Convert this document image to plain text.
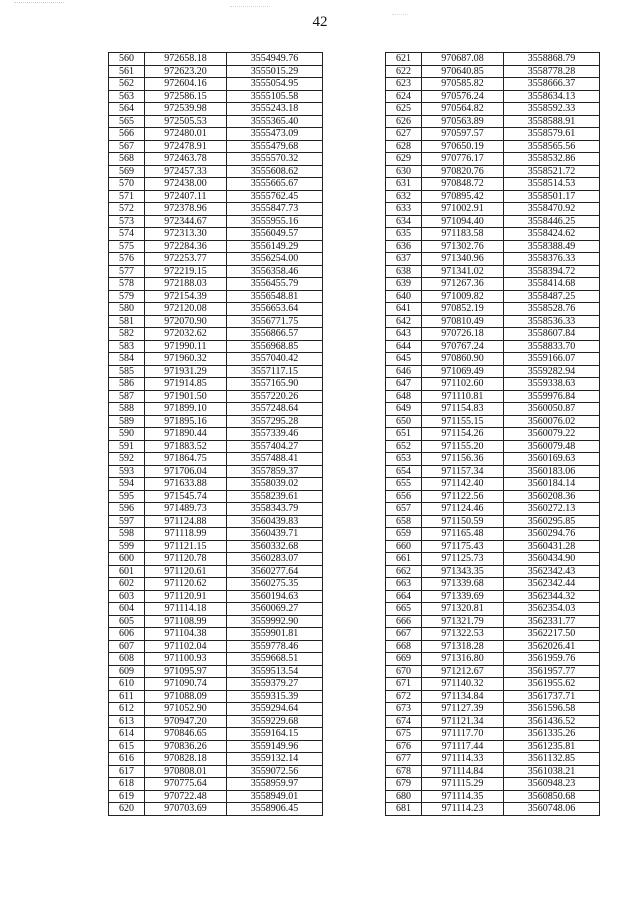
42
560	972658.18	3554949.76
561	972623.20	3555015.29
562	972604.16	3555054.95
563	972586.15	3555105.58
564	972539.98	3555243.18
565	972505.53	3555365.40
566	972480.01	3555473.09
567	972478.91	3555479.68
568	972463.78	3555570.32
569	972457.33	3555608.62
570	972438.00	3555665.67
571	972407.11	3555762.45
572	972378.96	3555847.73
573	972344.67	3555955.16
574	972313.30	3556049.57
575	972284.36	3556149.29
576	972253.77	3556254.00
577	972219.15	3556358.46
578	972188.03	3556455.79
579	972154.39	3556548.81
580	972120.08	3556653.64
581	972070.90	3556771.75
582	972032.62	3556866.57
583	971990.11	3556968.85
584	971960.32	3557040.42
585	971931.29	3557117.15
586	971914.85	3557165.90
587	971901.50	3557220.26
588	971899.10	3557248.64
589	971895.16	3557295.28
590	971890.44	3557339.46
591	971883.52	3557404.27
592	971864.75	3557488.41
593	971706.04	3557859.37
594	971633.88	3558039.02
595	971545.74	3558239.61
596	971489.73	3558343.79
597	971124.88	3560439.83
598	971118.99	3560439.71
599	971121.15	3560332.68
600	971120.78	3560283.07
601	971120.61	3560277.64
602	971120.62	3560275.35
603	971120.91	3560194.63
604	971114.18	3560069.27
605	971108.99	3559992.90
606	971104.38	3559901.81
607	971102.04	3559778.46
608	971100.93	3559668.51
609	971095.97	3559513.54
610	971090.74	3559379.27
611	971088.09	3559315.39
612	971052.90	3559294.64
613	970947.20	3559229.68
614	970846.65	3559164.15
615	970836.26	3559149.96
616	970828.18	3559132.14
617	970808.01	3559072.56
618	970775.64	3558959.97
619	970722.48	3558949.01
620	970703.69	3558906.45
621	970687.08	3558868.79
622	970640.85	3558778.28
623	970585.82	3558666.37
624	970576.24	3558634.13
625	970564.82	3558592.33
626	970563.89	3558588.91
627	970597.57	3558579.61
628	970650.19	3558565.56
629	970776.17	3558532.86
630	970820.76	3558521.72
631	970848.72	3558514.53
632	970895.42	3558501.17
633	971002.91	3558470.92
634	971094.40	3558446.25
635	971183.58	3558424.62
636	971302.76	3558388.49
637	971340.96	3558376.33
638	971341.02	3558394.72
639	971267.36	3558414.68
640	971009.82	3558487.25
641	970852.19	3558528.76
642	970810.49	3558536.33
643	970726.18	3558607.84
644	970767.24	3558833.70
645	970860.90	3559166.07
646	971069.49	3559282.94
647	971102.60	3559338.63
648	971110.81	3559976.84
649	971154.83	3560050.87
650	971155.15	3560076.02
651	971154.26	3560079.22
652	971155.20	3560079.48
653	971156.36	3560169.63
654	971157.34	3560183.06
655	971142.40	3560184.14
656	971122.56	3560208.36
657	971124.46	3560272.13
658	971150.59	3560295.85
659	971165.48	3560294.76
660	971175.43	3560431.28
661	971125.73	3560434.90
662	971343.35	3562342.43
663	971339.68	3562342.44
664	971339.69	3562344.32
665	971320.81	3562354.03
666	971321.79	3562331.77
667	971322.53	3562217.50
668	971318.28	3562026.41
669	971316.80	3561959.76
670	971212.67	3561957.77
671	971140.32	3561955.62
672	971134.84	3561737.71
673	971127.39	3561596.58
674	971121.34	3561436.52
675	971117.70	3561335.26
676	971117.44	3561235.81
677	971114.33	3561132.85
678	971114.84	3561038.21
679	971115.29	3560948.23
680	971114.35	3560850.68
681	971114.23	3560748.06
